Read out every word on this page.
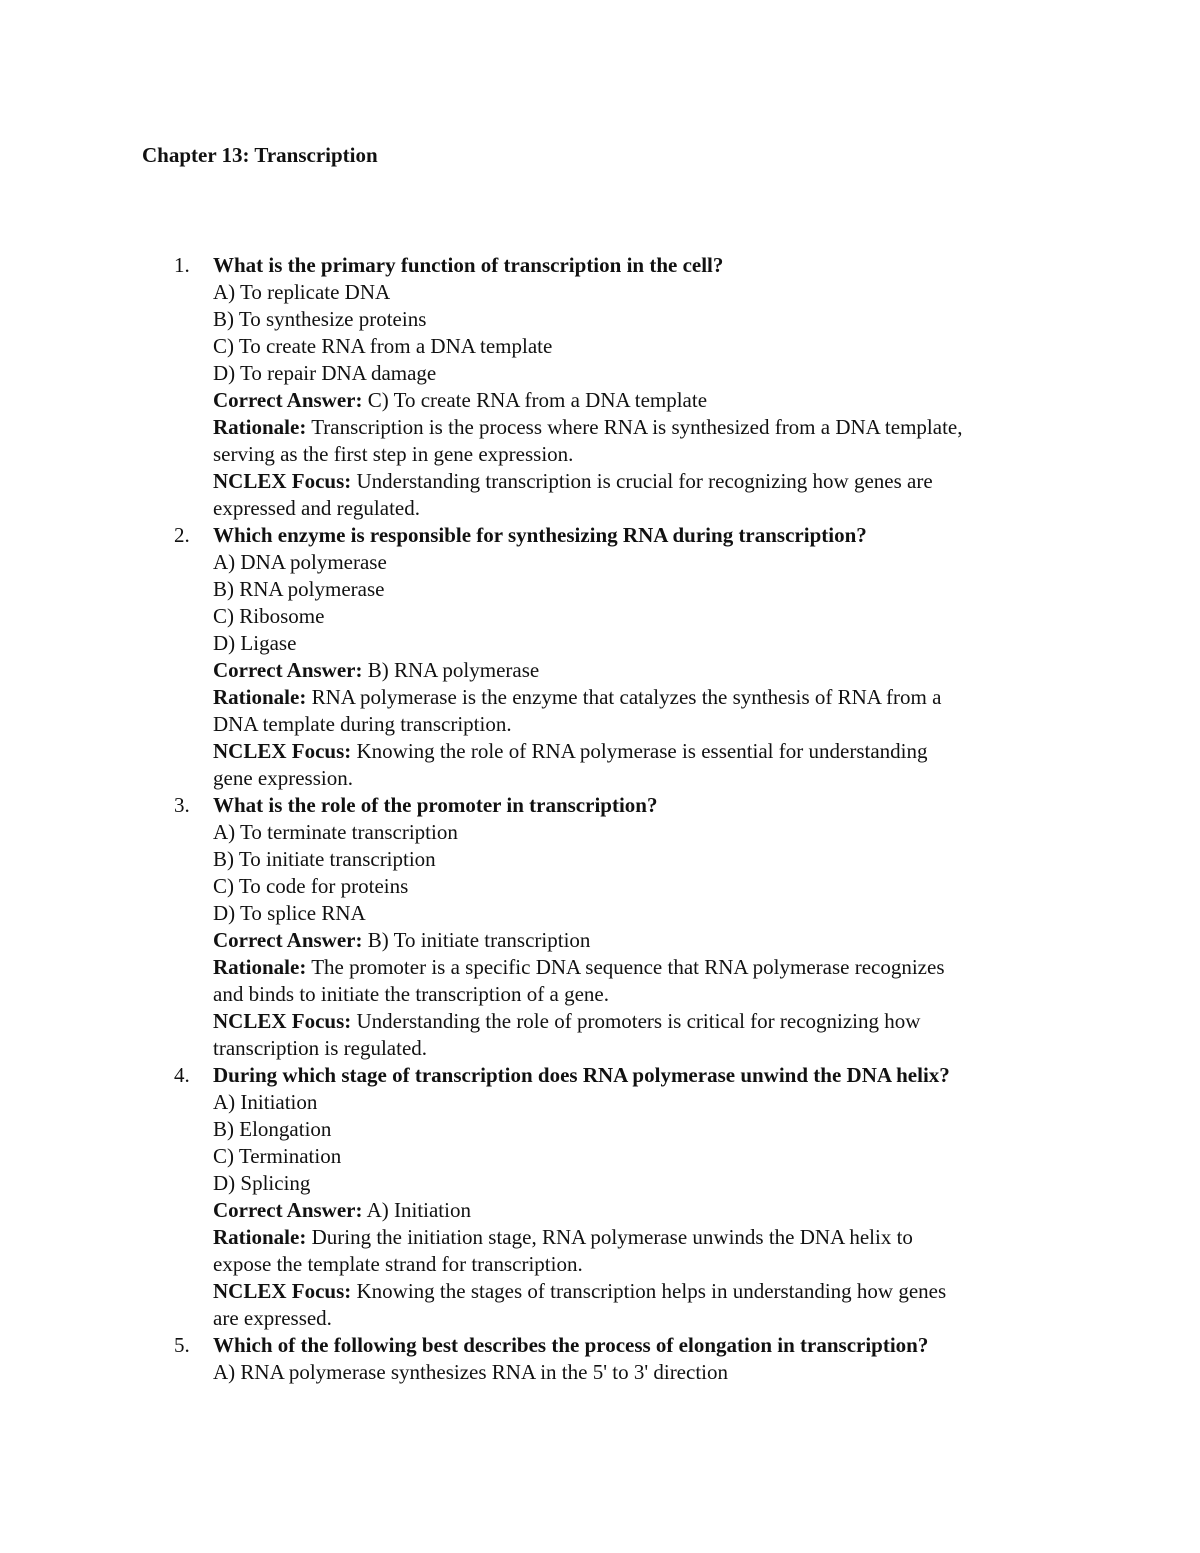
Chapter 13: Transcription
1.	What is the primary function of transcription in the cell?
A) To replicate DNA
B) To synthesize proteins
C) To create RNA from a DNA template
D) To repair DNA damage
Correct Answer: C) To create RNA from a DNA template
Rationale: Transcription is the process where RNA is synthesized from a DNA template,
serving as the first step in gene expression.
NCLEX Focus: Understanding transcription is crucial for recognizing how genes are
expressed and regulated.
2.	Which enzyme is responsible for synthesizing RNA during transcription?
A) DNA polymerase
B) RNA polymerase
C) Ribosome
D) Ligase
Correct Answer: B) RNA polymerase
Rationale: RNA polymerase is the enzyme that catalyzes the synthesis of RNA from a
DNA template during transcription.
NCLEX Focus: Knowing the role of RNA polymerase is essential for understanding
gene expression.
3.	What is the role of the promoter in transcription?
A) To terminate transcription
B) To initiate transcription
C) To code for proteins
D) To splice RNA
Correct Answer: B) To initiate transcription
Rationale: The promoter is a specific DNA sequence that RNA polymerase recognizes
and binds to initiate the transcription of a gene.
NCLEX Focus: Understanding the role of promoters is critical for recognizing how
transcription is regulated.
4.	During which stage of transcription does RNA polymerase unwind the DNA helix?
A) Initiation
B) Elongation
C) Termination
D) Splicing
Correct Answer: A) Initiation
Rationale: During the initiation stage, RNA polymerase unwinds the DNA helix to
expose the template strand for transcription.
NCLEX Focus: Knowing the stages of transcription helps in understanding how genes
are expressed.
5.	Which of the following best describes the process of elongation in transcription?
A) RNA polymerase synthesizes RNA in the 5' to 3' direction
